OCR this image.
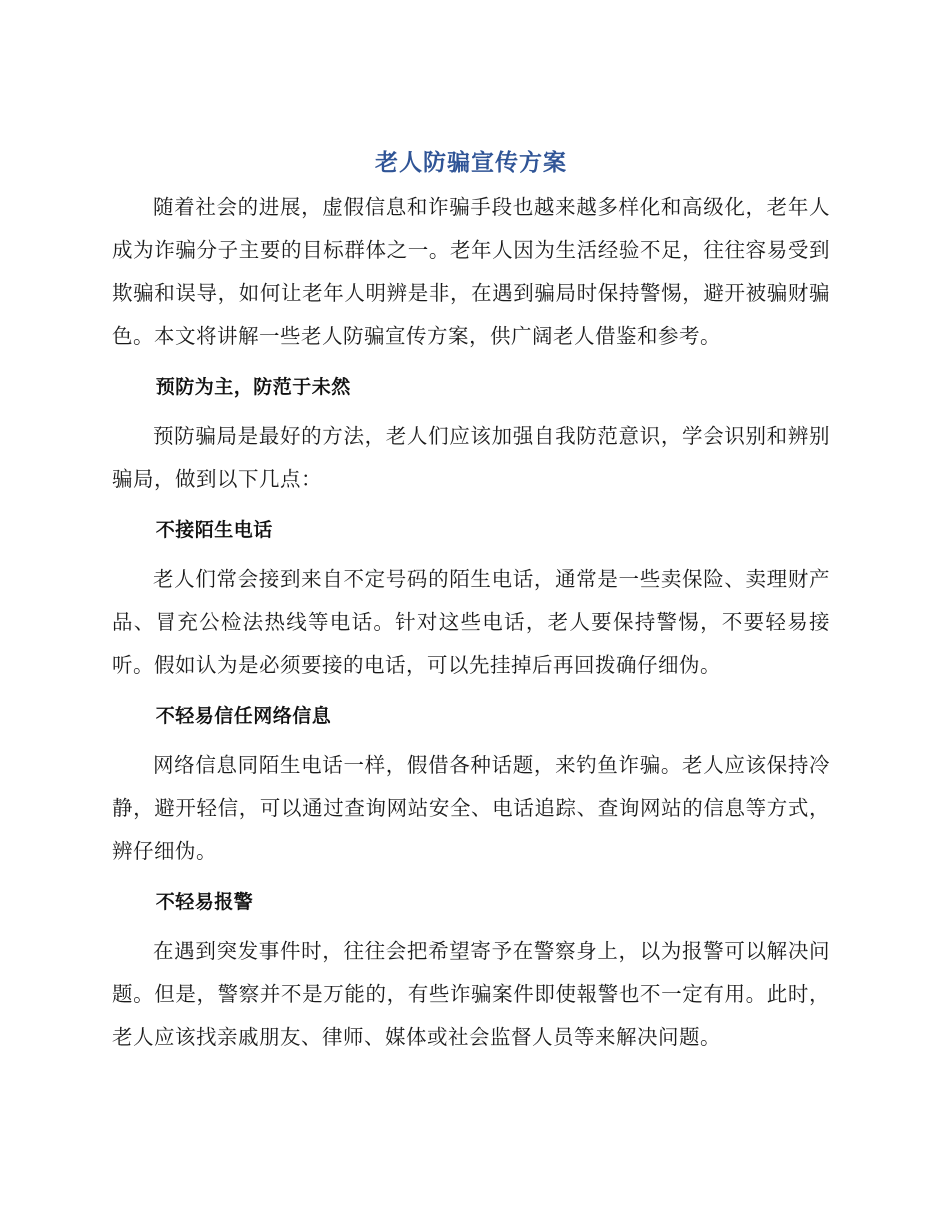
老人防骗宣传方案

随着社会的进展，虚假信息和诈骗手段也越来越多样化和高级化，老年人成为诈骗分子主要的目标群体之一。老年人因为生活经验不足，往往容易受到欺骗和误导，如何让老年人明辨是非，在遇到骗局时保持警惕，避开被骗财骗色。本文将讲解一些老人防骗宣传方案，供广阔老人借鉴和参考。

预防为主，防范于未然

预防骗局是最好的方法，老人们应该加强自我防范意识，学会识别和辨别骗局，做到以下几点：

不接陌生电话

老人们常会接到来自不定号码的陌生电话，通常是一些卖保险、卖理财产品、冒充公检法热线等电话。针对这些电话，老人要保持警惕，不要轻易接听。假如认为是必须要接的电话，可以先挂掉后再回拨确仔细伪。

不轻易信任网络信息

网络信息同陌生电话一样，假借各种话题，来钓鱼诈骗。老人应该保持冷静，避开轻信，可以通过查询网站安全、电话追踪、查询网站的信息等方式，辨仔细伪。

不轻易报警

在遇到突发事件时，往往会把希望寄予在警察身上，以为报警可以解决问题。但是，警察并不是万能的，有些诈骗案件即使報警也不一定有用。此时，老人应该找亲戚朋友、律师、媒体或社会监督人员等来解决问题。
